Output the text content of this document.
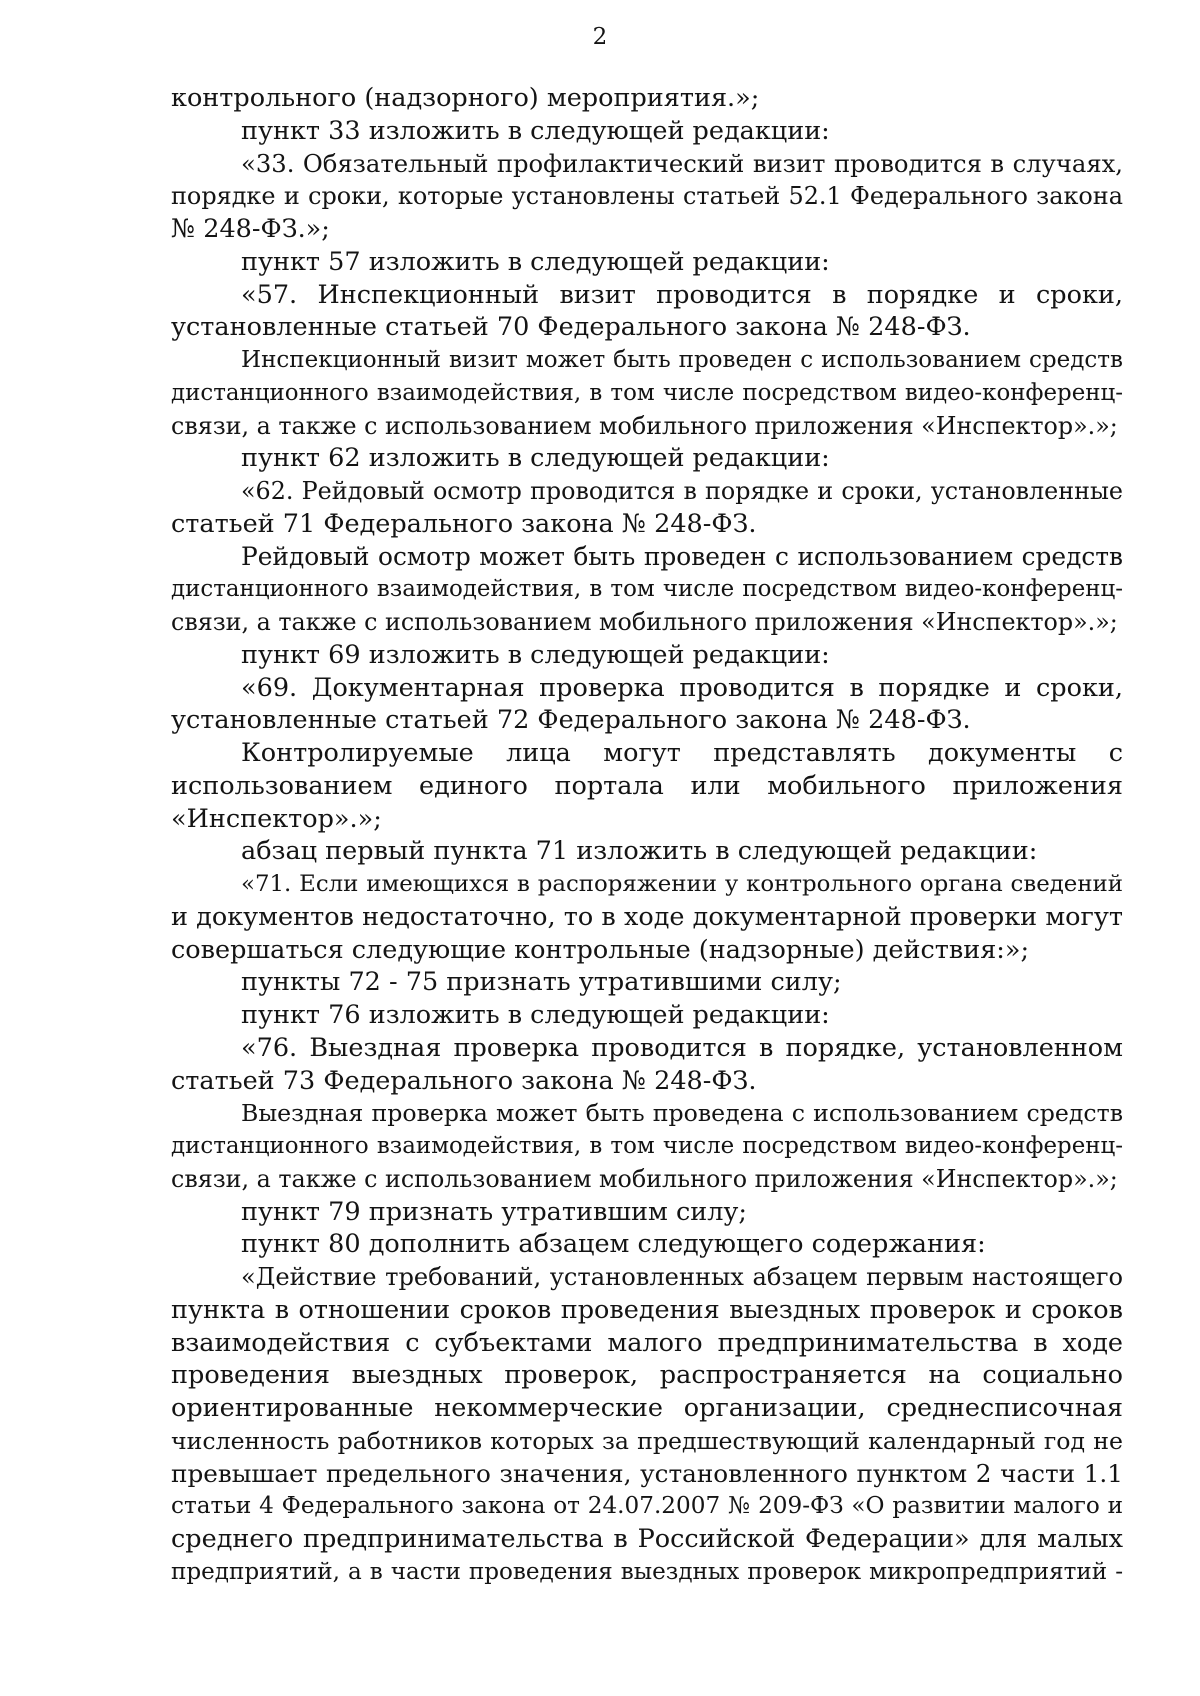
2
контрольного (надзорного) мероприятия.»;
пункт 33 изложить в следующей редакции:
«33. Обязательный профилактический визит проводится в случаях,
порядке и сроки, которые установлены статьей 52.1 Федерального закона
№ 248-ФЗ.»;
пункт 57 изложить в следующей редакции:
«57. Инспекционный визит проводится в порядке и сроки,
установленные статьей 70 Федерального закона № 248-ФЗ.
Инспекционный визит может быть проведен с использованием средств
дистанционного взаимодействия, в том числе посредством видео-конференц-
связи, а также с использованием мобильного приложения «Инспектор».»;
пункт 62 изложить в следующей редакции:
«62. Рейдовый осмотр проводится в порядке и сроки, установленные
статьей 71 Федерального закона № 248-ФЗ.
Рейдовый осмотр может быть проведен с использованием средств
дистанционного взаимодействия, в том числе посредством видео-конференц-
связи, а также с использованием мобильного приложения «Инспектор».»;
пункт 69 изложить в следующей редакции:
«69. Документарная проверка проводится в порядке и сроки,
установленные статьей 72 Федерального закона № 248-ФЗ.
Контролируемые лица могут представлять документы с
использованием единого портала или мобильного приложения
«Инспектор».»;
абзац первый пункта 71 изложить в следующей редакции:
«71. Если имеющихся в распоряжении у контрольного органа сведений
и документов недостаточно, то в ходе документарной проверки могут
совершаться следующие контрольные (надзорные) действия:»;
пункты 72 - 75 признать утратившими силу;
пункт 76 изложить в следующей редакции:
«76. Выездная проверка проводится в порядке, установленном
статьей 73 Федерального закона № 248-ФЗ.
Выездная проверка может быть проведена с использованием средств
дистанционного взаимодействия, в том числе посредством видео-конференц-
связи, а также с использованием мобильного приложения «Инспектор».»;
пункт 79 признать утратившим силу;
пункт 80 дополнить абзацем следующего содержания:
«Действие требований, установленных абзацем первым настоящего
пункта в отношении сроков проведения выездных проверок и сроков
взаимодействия с субъектами малого предпринимательства в ходе
проведения выездных проверок, распространяется на социально
ориентированные некоммерческие организации, среднесписочная
численность работников которых за предшествующий календарный год не
превышает предельного значения, установленного пунктом 2 части 1.1
статьи 4 Федерального закона от 24.07.2007 № 209-ФЗ «О развитии малого и
среднего предпринимательства в Российской Федерации» для малых
предприятий, а в части проведения выездных проверок микропредприятий -
